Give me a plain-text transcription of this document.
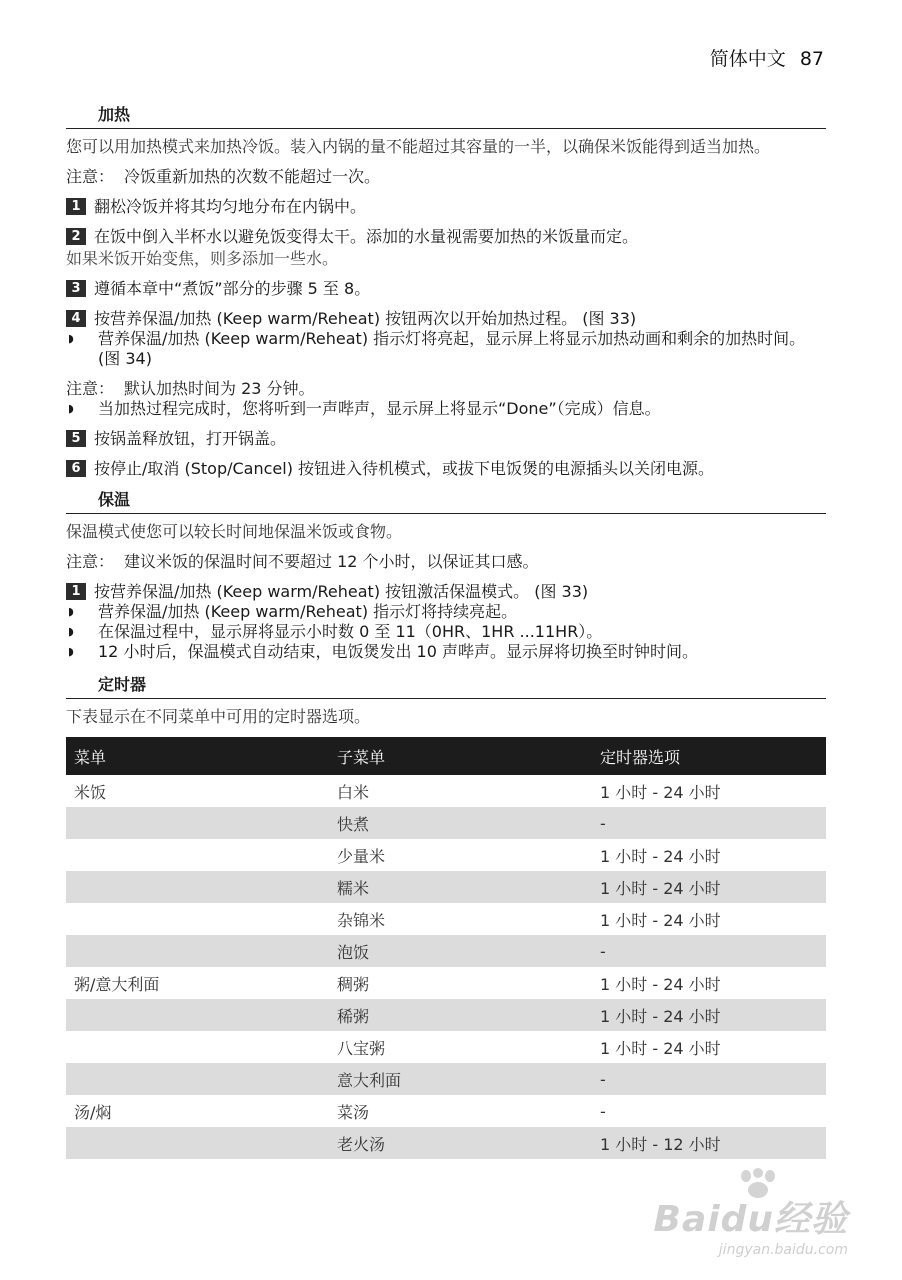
简体中文 87
加热
您可以用加热模式来加热冷饭。装入内锅的量不能超过其容量的一半，以确保米饭能得到适当加热。
注意： 冷饭重新加热的次数不能超过一次。
1 翻松冷饭并将其均匀地分布在内锅中。
2 在饭中倒入半杯水以避免饭变得太干。添加的水量视需要加热的米饭量而定。
如果米饭开始变焦，则多添加一些水。
3 遵循本章中“煮饭”部分的步骤 5 至 8。
4 按营养保温/加热 (Keep warm/Reheat) 按钮两次以开始加热过程。 (图 33)
◗	营养保温/加热 (Keep warm/Reheat) 指示灯将亮起，显示屏上将显示加热动画和剩余的加热时间。 (图 34)
注意： 默认加热时间为 23 分钟。
◗	当加热过程完成时，您将听到一声哔声，显示屏上将显示“Done”（完成）信息。
5 按锅盖释放钮，打开锅盖。
6 按停止/取消 (Stop/Cancel) 按钮进入待机模式，或拔下电饭煲的电源插头以关闭电源。
保温
保温模式使您可以较长时间地保温米饭或食物。
注意： 建议米饭的保温时间不要超过 12 个小时，以保证其口感。
1 按营养保温/加热 (Keep warm/Reheat) 按钮激活保温模式。 (图 33)
◗	营养保温/加热 (Keep warm/Reheat) 指示灯将持续亮起。
◗	在保温过程中，显示屏将显示小时数 0 至 11（0HR、1HR ...11HR）。
◗	12 小时后，保温模式自动结束，电饭煲发出 10 声哔声。显示屏将切换至时钟时间。
定时器
下表显示在不同菜单中可用的定时器选项。
菜单	子菜单	定时器选项
米饭	白米	1 小时 - 24 小时
	快煮	-
	少量米	1 小时 - 24 小时
	糯米	1 小时 - 24 小时
	杂锦米	1 小时 - 24 小时
	泡饭	-
粥/意大利面	稠粥	1 小时 - 24 小时
	稀粥	1 小时 - 24 小时
	八宝粥	1 小时 - 24 小时
	意大利面	-
汤/焖	菜汤	-
	老火汤	1 小时 - 12 小时
Baidu经验
jingyan.baidu.com
